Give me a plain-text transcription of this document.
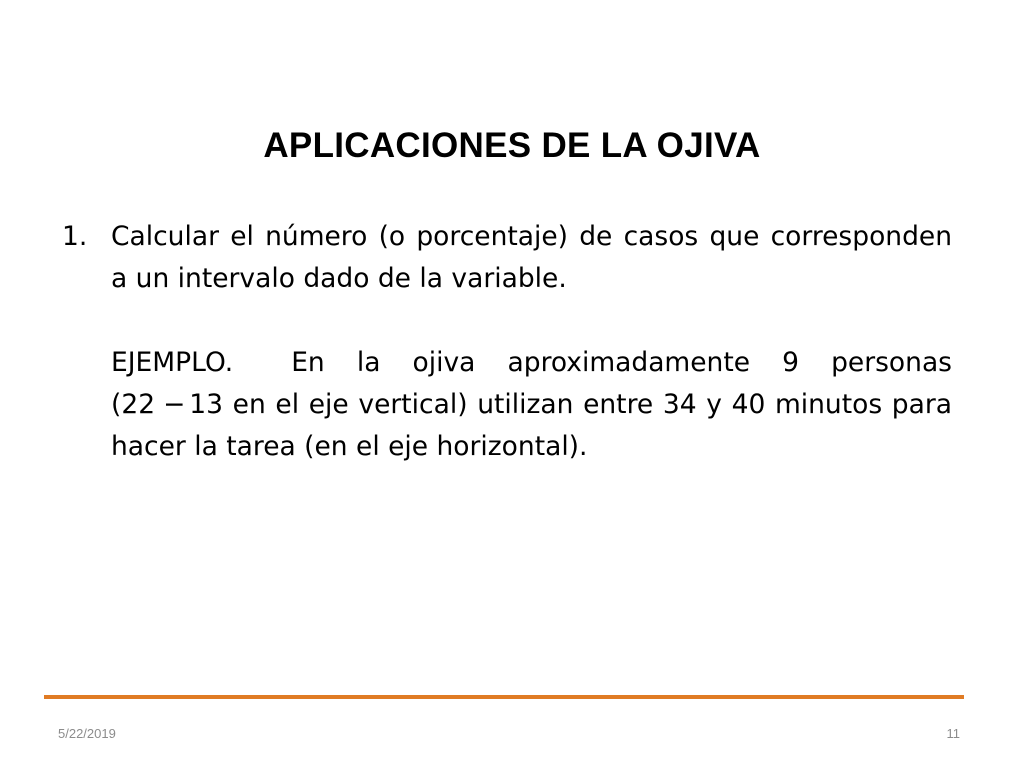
APLICACIONES DE LA OJIVA
1. Calcular el número (o porcentaje) de casos que corresponden a un intervalo dado de la variable.
EJEMPLO. En la ojiva aproximadamente 9 personas (22 − 13 en el eje vertical) utilizan entre 34 y 40 minutos para hacer la tarea (en el eje horizontal).
5/22/2019	11
